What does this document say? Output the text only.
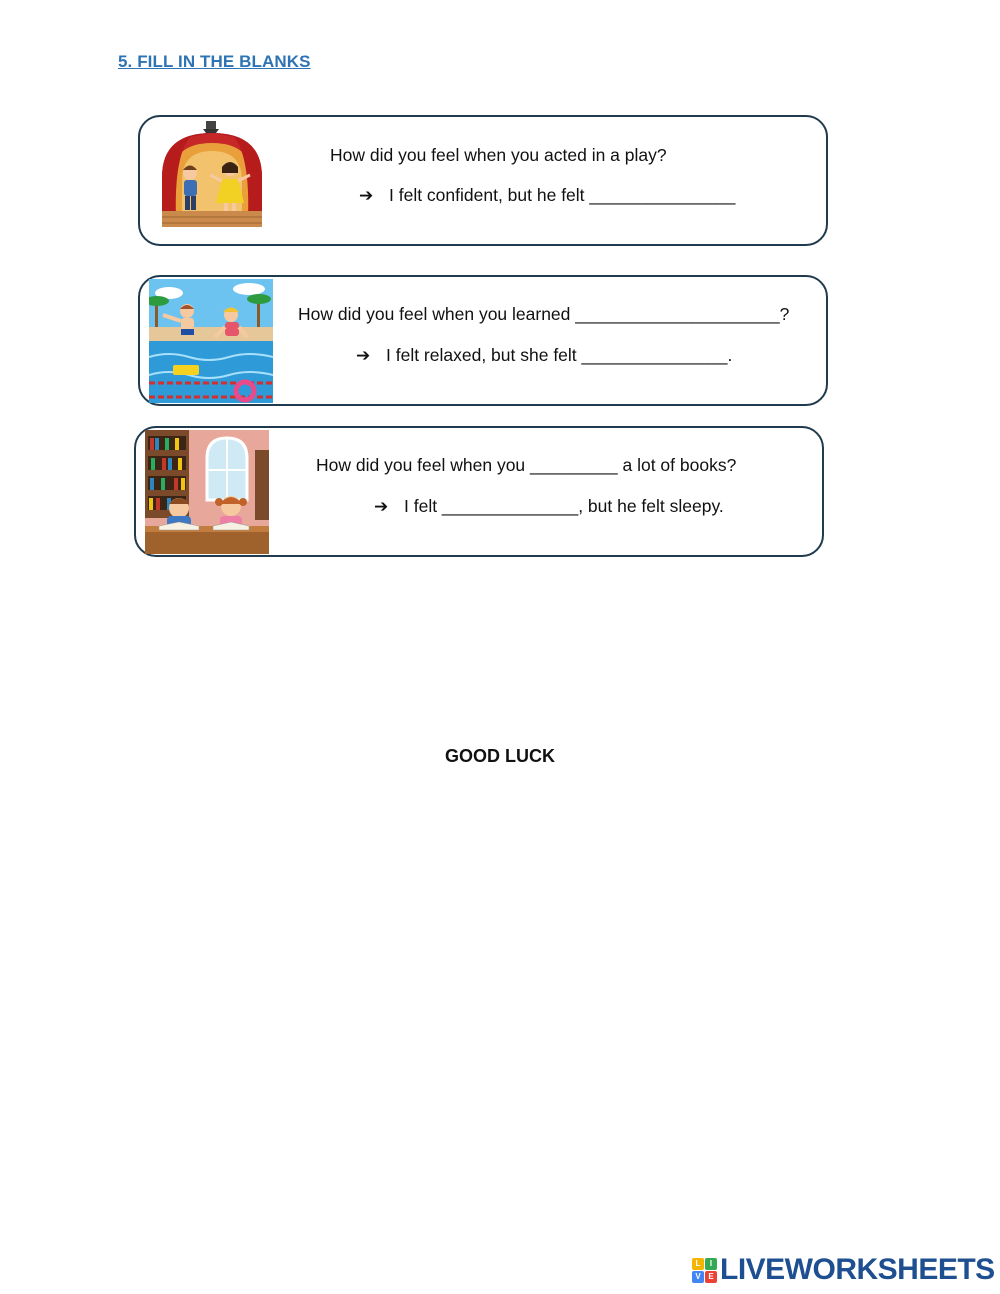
5. FILL IN THE BLANKS
How did you feel when you acted in a play?
➔ I felt confident, but he felt _______________
How did you feel when you learned _____________________?
➔ I felt relaxed, but she felt _______________.
How did you feel when you _________ a lot of books?
➔ I felt ______________, but he felt sleepy.
GOOD LUCK
L	I
V E LIVEWORKSHEETS
